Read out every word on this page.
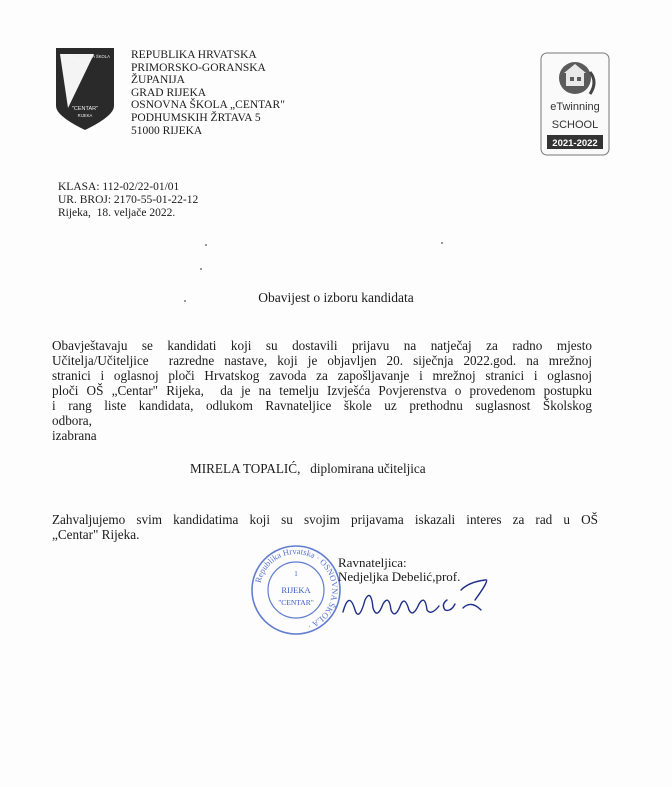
OSNOVNA ŠKOLA
"CENTAR"
RIJEKA
REPUBLIKA HRVATSKA
PRIMORSKO-GORANSKA
ŽUPANIJA
GRAD RIJEKA
OSNOVNA ŠKOLA „CENTAR"
PODHUMSKIH ŽRTAVA 5
51000 RIJEKA
eTwinning
SCHOOL
2021-2022
KLASA: 112-02/22-01/01
UR. BROJ: 2170-55-01-22-12
Rijeka,  18. veljače 2022.
Obavijest o izboru kandidata
Obavještavaju se kandidati koji su dostavili prijavu na natječaj za radno mjesto
Učitelja/Učiteljice  razredne nastave, koji je objavljen 20. siječnja 2022.god. na mrežnoj
stranici i oglasnoj ploči Hrvatskog zavoda za zapošljavanje i mrežnoj stranici i oglasnoj
ploči OŠ „Centar" Rijeka,  da je na temelju Izvješća Povjerenstva o provedenom postupku
i rang liste kandidata, odlukom Ravnateljice škole uz prethodnu suglasnost Školskog
odbora,
izabrana
MIRELA TOPALIĆ,   diplomirana učiteljica
Zahvaljujemo svim kandidatima koji su svojim prijavama iskazali interes za rad u OŠ
„Centar" Rijeka.
Republika Hrvatska · OSNOVNA ŠKOLA ·
1
RIJEKA
"CENTAR"
Ravnateljica:
Nedjeljka Debelić,prof.
